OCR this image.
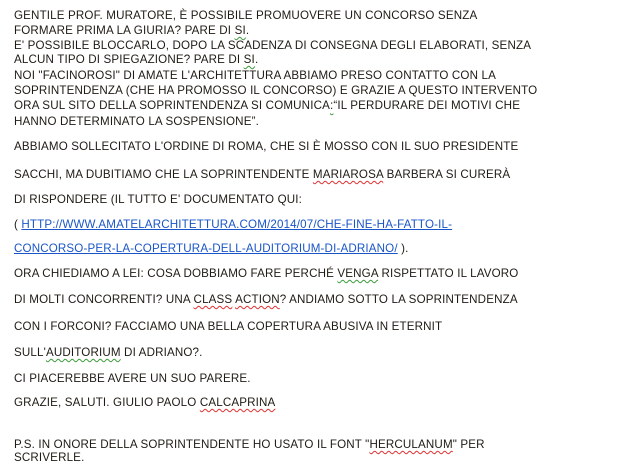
GENTILE PROF. MURATORE, È POSSIBILE PROMUOVERE UN CONCORSO SENZA
FORMARE PRIMA LA GIURIA? PARE DI SI.
E' POSSIBILE BLOCCARLO, DOPO LA SCADENZA DI CONSEGNA DEGLI ELABORATI, SENZA
ALCUN TIPO DI SPIEGAZIONE? PARE DI SI.
NOI "FACINOROSI" DI AMATE L'ARCHITETTURA ABBIAMO PRESO CONTATTO CON LA
SOPRINTENDENZA (CHE HA PROMOSSO IL CONCORSO) E GRAZIE A QUESTO INTERVENTO
ORA SUL SITO DELLA SOPRINTENDENZA SI COMUNICA:“IL PERDURARE DEI MOTIVI CHE
HANNO DETERMINATO LA SOSPENSIONE”.
ABBIAMO SOLLECITATO L'ORDINE DI ROMA, CHE SI È MOSSO CON IL SUO PRESIDENTE
SACCHI, MA DUBITIAMO CHE LA SOPRINTENDENTE MARIAROSA BARBERA SI CURERÀ
DI RISPONDERE (IL TUTTO E' DOCUMENTATO QUI:
( HTTP://WWW.AMATELARCHITETTURA.COM/2014/07/CHE-FINE-HA-FATTO-IL-
CONCORSO-PER-LA-COPERTURA-DELL-AUDITORIUM-DI-ADRIANO/ ).
ORA CHIEDIAMO A LEI: COSA DOBBIAMO FARE PERCHÉ VENGA RISPETTATO IL LAVORO
DI MOLTI CONCORRENTI? UNA CLASS ACTION? ANDIAMO SOTTO LA SOPRINTENDENZA
CON I FORCONI? FACCIAMO UNA BELLA COPERTURA ABUSIVA IN ETERNIT
SULL'AUDITORIUM DI ADRIANO?.
CI PIACEREBBE AVERE UN SUO PARERE.
GRAZIE, SALUTI. GIULIO PAOLO CALCAPRINA
P.S. IN ONORE DELLA SOPRINTENDENTE HO USATO IL FONT "HERCULANUM" PER
SCRIVERLE.
